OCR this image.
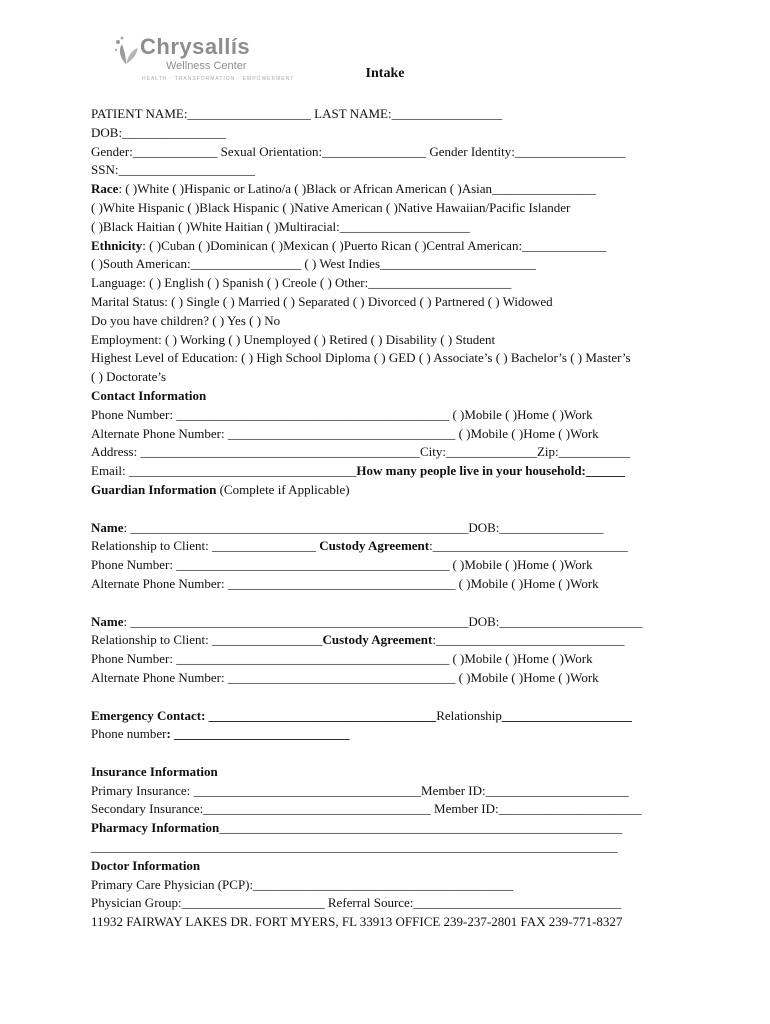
Chrysallís
Wellness Center
HEALTH · TRANSFORMATION · EMPOWERMENT	Intake
PATIENT NAME:___________________ LAST NAME:_________________
DOB:________________
Gender:_____________ Sexual Orientation:________________ Gender Identity:_________________
SSN:_____________________
Race: ( )White ( )Hispanic or Latino/a ( )Black or African American ( )Asian________________
( )White Hispanic ( )Black Hispanic ( )Native American ( )Native Hawaiian/Pacific Islander
( )Black Haitian ( )White Haitian ( )Multiracial:____________________
Ethnicity: ( )Cuban ( )Dominican ( )Mexican ( )Puerto Rican ( )Central American:_____________
( )South American:_________________ ( ) West Indies________________________
Language: ( ) English ( ) Spanish ( ) Creole ( ) Other:______________________
Marital Status: ( ) Single ( ) Married ( ) Separated ( ) Divorced ( ) Partnered ( ) Widowed
Do you have children? ( ) Yes ( ) No
Employment: ( ) Working ( ) Unemployed ( ) Retired ( ) Disability ( ) Student
Highest Level of Education: ( ) High School Diploma ( ) GED ( ) Associate’s ( ) Bachelor’s ( ) Master’s
( ) Doctorate’s
Contact Information
Phone Number: __________________________________________ ( )Mobile ( )Home ( )Work
Alternate Phone Number: ___________________________________ ( )Mobile ( )Home ( )Work
Address: ___________________________________________City:______________Zip:___________
Email: ___________________________________How many people live in your household:______
Guardian Information (Complete if Applicable)
Name: ____________________________________________________DOB:________________
Relationship to Client: ________________ Custody Agreement:______________________________
Phone Number: __________________________________________ ( )Mobile ( )Home ( )Work
Alternate Phone Number: ___________________________________ ( )Mobile ( )Home ( )Work
Name: ____________________________________________________DOB:______________________
Relationship to Client: _________________Custody Agreement:_____________________________
Phone Number: __________________________________________ ( )Mobile ( )Home ( )Work
Alternate Phone Number: ___________________________________ ( )Mobile ( )Home ( )Work
Emergency Contact: ___________________________________Relationship____________________
Phone number: ___________________________
Insurance Information
Primary Insurance: ___________________________________Member ID:______________________
Secondary Insurance:___________________________________ Member ID:______________________
Pharmacy Information______________________________________________________________
_________________________________________________________________________________
Doctor Information
Primary Care Physician (PCP):________________________________________
Physician Group:______________________ Referral Source:________________________________
11932 FAIRWAY LAKES DR. FORT MYERS, FL 33913 OFFICE 239-237-2801 FAX 239-771-8327
